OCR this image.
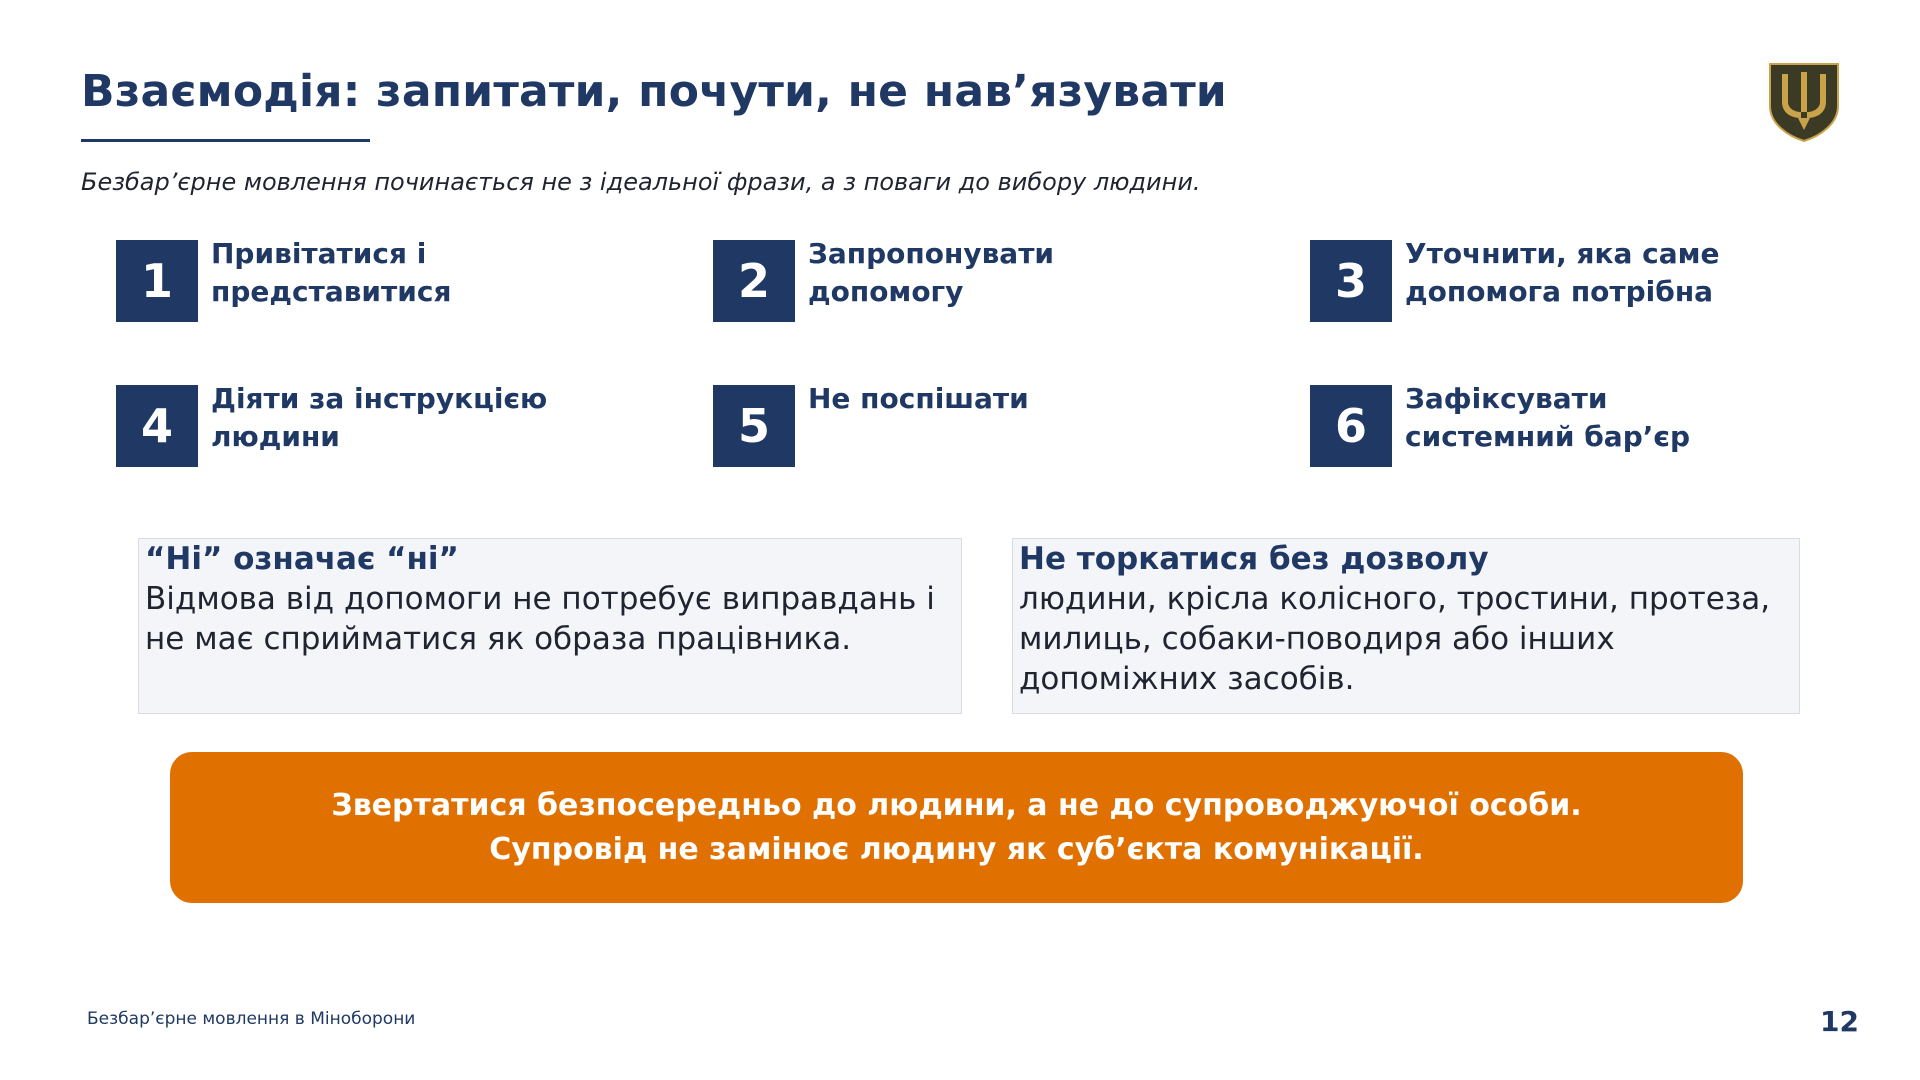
Взаємодія: запитати, почути, не нав’язувати
Безбар’єрне мовлення починається не з ідеальної фрази, а з поваги до вибору людини.
1
Привітатися і представитися	2
Запропонувати допомогу	3
Уточнити, яка саме допомога потрібна
4
Діяти за інструкцією людини	5
Не поспішати
6
Зафіксувати системний бар’єр
“Ні” означає “ні”
Відмова від допомоги не потребує виправдань і не має сприйматися як образа працівника.
Не торкатися без дозволу
людини, крісла колісного, тростини, протеза, милиць, собаки-поводиря або інших допоміжних засобів.
Звертатися безпосередньо до людини, а не до супроводжуючої особи.
Супровід не замінює людину як суб’єкта комунікації.
Безбар’єрне мовлення в Міноборони	12
